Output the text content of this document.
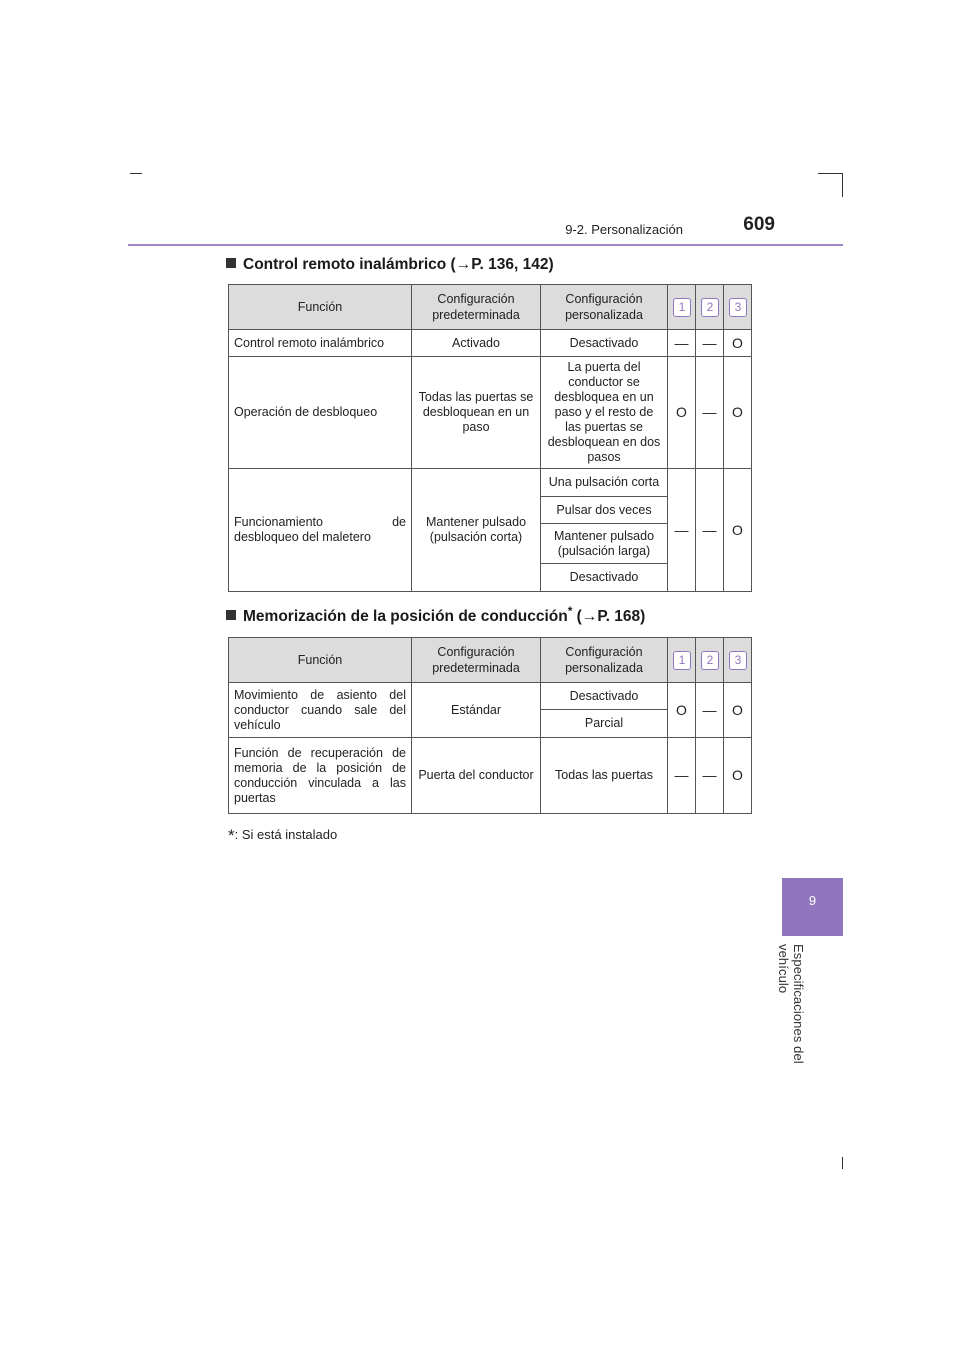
9-2. Personalización	609
9
Especificaciones del vehículo
Control remoto inalámbrico (→P. 136, 142)
Función	Configuración predeterminada	Configuración personalizada	1	2	3
Control remoto inalámbrico	Activado	Desactivado	—	—	O
Operación de desbloqueo	Todas las puertas se desbloquean en un paso	La puerta del conductor se desbloquea en un paso y el resto de las puertas se desbloquean en dos pasos	O	—	O
Funcionamiento de desbloqueo del maletero	Mantener pulsado (pulsación corta)	Una pulsación corta	—	—	O
		Pulsar dos veces			
		Mantener pulsado (pulsación larga)			
		Desactivado			
Memorización de la posición de conducción* (→P. 168)
Función	Configuración predeterminada	Configuración personalizada	1	2	3
Movimiento de asiento del conductor cuando sale del vehículo	Estándar	Desactivado	O	—	O
		Parcial			
Función de recuperación de memoria de la posición de conducción vinculada a las puertas	Puerta del conductor	Todas las puertas	—	—	O
*: Si está instalado
